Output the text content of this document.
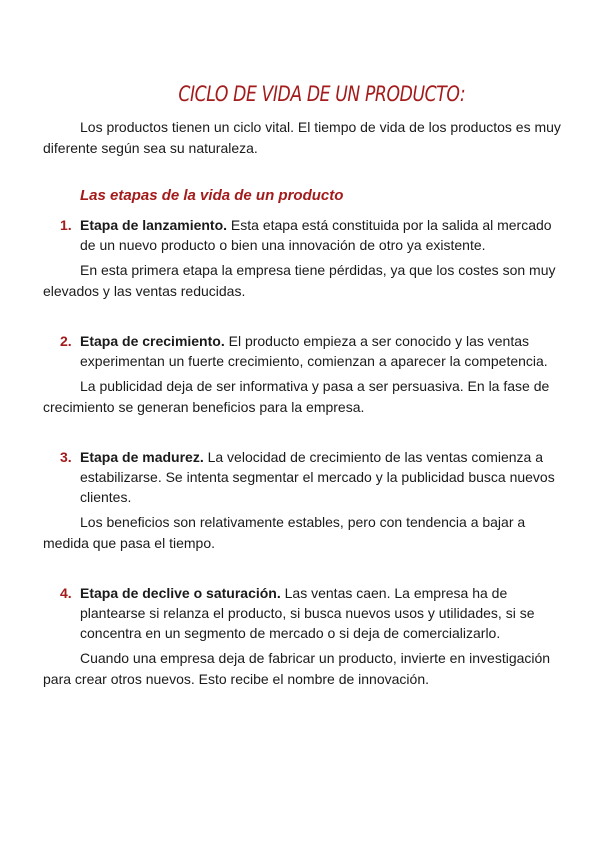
CICLO DE VIDA DE UN PRODUCTO:

Los productos tienen un ciclo vital. El tiempo de vida de los productos es muy diferente según sea su naturaleza.

Las etapas de la vida de un producto
1. Etapa de lanzamiento. Esta etapa está constituida por la salida al mercado de un nuevo producto o bien una innovación de otro ya existente.

En esta primera etapa la empresa tiene pérdidas, ya que los costes son muy elevados y las ventas reducidas.

2. Etapa de crecimiento. El producto empieza a ser conocido y las ventas experimentan un fuerte crecimiento, comienzan a aparecer la competencia.

La publicidad deja de ser informativa y pasa a ser persuasiva. En la fase de crecimiento se generan beneficios para la empresa.

3. Etapa de madurez. La velocidad de crecimiento de las ventas comienza a estabilizarse. Se intenta segmentar el mercado y la publicidad busca nuevos clientes.

Los beneficios son relativamente estables, pero con tendencia a bajar a medida que pasa el tiempo.

4. Etapa de declive o saturación. Las ventas caen. La empresa ha de plantearse si relanza el producto, si busca nuevos usos y utilidades, si se concentra en un segmento de mercado o si deja de comercializarlo.

Cuando una empresa deja de fabricar un producto, invierte en investigación para crear otros nuevos. Esto recibe el nombre de innovación.
